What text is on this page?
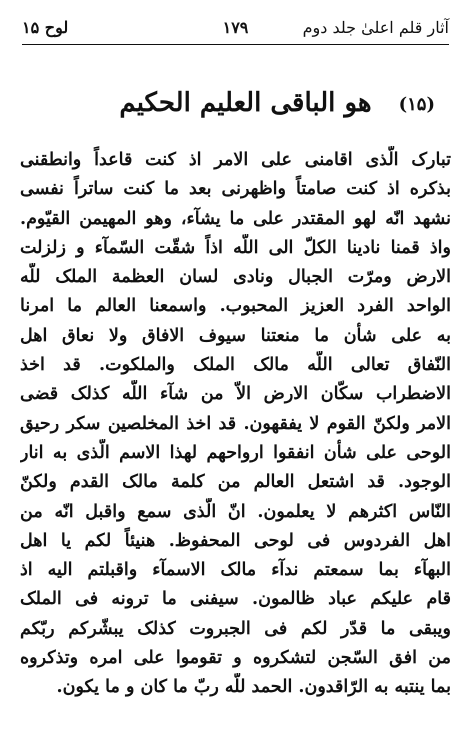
آثار قلم اعلیٰ جلد دوم
۱۷۹
لوح ۱۵
(۱۵)
هو الباقی العلیم الحکیم
تبارک الّذی اقامنی علی الامر اذ کنت قاعداً وانطقنی
بذکره اذ کنت صامتاً واظهرنی بعد ما کنت ساتراً نفسی
نشهد انّه لهو المقتدر علی ما یشآء، وهو المهیمن القیّوم.
واذ قمنا نادینا الکلّ الی اللّه اذاً شقّت السّمآء و زلزلت
الارض ومرّت الجبال ونادی لسان العظمة الملک للّه
الواحد الفرد العزیز المحبوب. واسمعنا العالم ما امرنا
به علی شأن ما منعتنا سیوف الافاق ولا نعاق اهل
النّفاق تعالی اللّه مالک الملک والملکوت. قد اخذ
الاضطراب سکّان الارض الاّ من شآء اللّه کذلک قضی
الامر ولکنّ القوم لا یفقهون. قد اخذ المخلصین سکر رحیق
الوحی علی شأن انفقوا ارواحهم لهذا الاسم الّذی به انار
الوجود. قد اشتعل العالم من کلمة مالک القدم ولکنّ
النّاس اکثرهم لا یعلمون. انّ الّذی سمع واقبل انّه من
اهل الفردوس فی لوحی المحفوظ. هنیئاً لکم یا اهل
البهآء بما سمعتم ندآء مالک الاسمآء واقبلتم الیه اذ
قام علیکم عباد ظالمون. سیفنی ما ترونه فی الملک
ویبقی ما قدّر لکم فی الجبروت کذلک یبشّرکم ربّکم
من افق السّجن لتشکروه و تقوموا علی امره وتذکروه
بما ینتبه به الرّاقدون. الحمد للّه ربّ ما کان و ما یکون.
